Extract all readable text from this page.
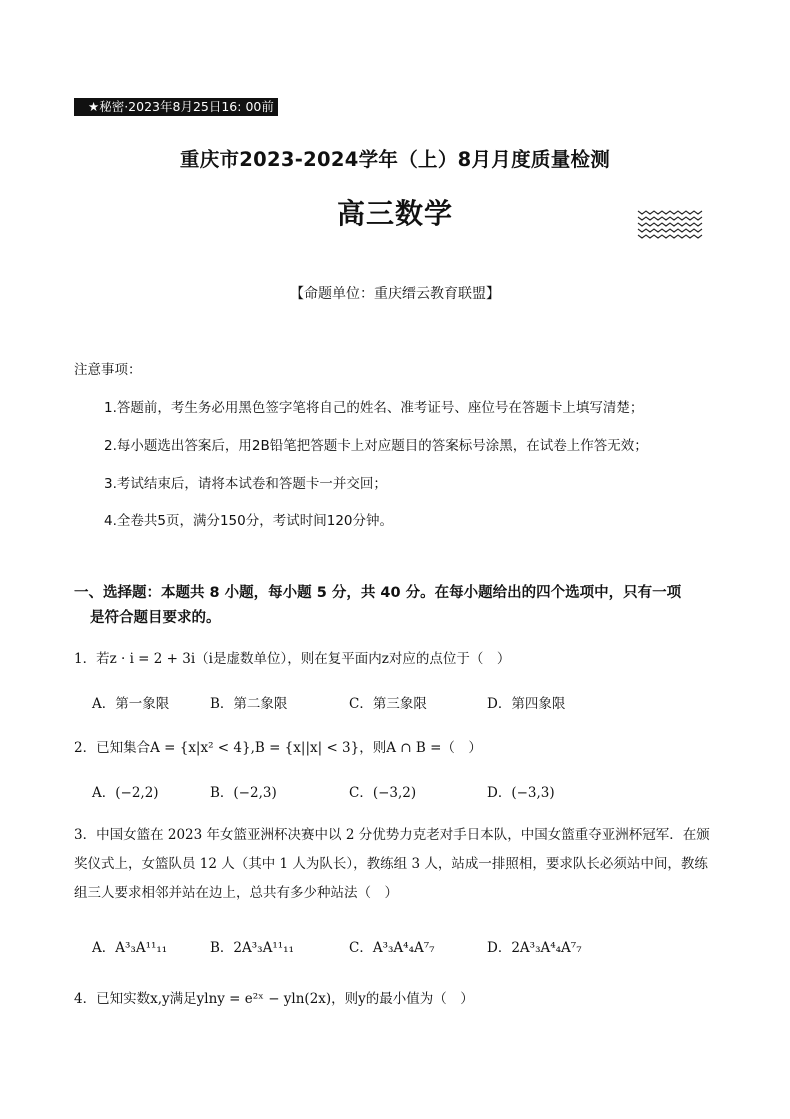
★秘密·2023年8月25日16: 00前
重庆市2023-2024学年（上）8月月度质量检测
高三数学
【命题单位：重庆缙云教育联盟】
注意事项：
1.答题前，考生务必用黑色签字笔将自己的姓名、准考证号、座位号在答题卡上填写清楚；
2.每小题选出答案后，用2B铅笔把答题卡上对应题目的答案标号涂黑，在试卷上作答无效；
3.考试结束后，请将本试卷和答题卡一并交回；
4.全卷共5页，满分150分，考试时间120分钟。
一、选择题：本题共 8 小题，每小题 5 分，共 40 分。在每小题给出的四个选项中，只有一项
是符合题目要求的。
1．若z · i = 2 + 3i（i是虚数单位），则在复平面内z对应的点位于（　）
A．第一象限	B．第二象限	C．第三象限	D．第四象限
2．已知集合A = {x|x² < 4},B = {x||x| < 3}，则A ∩ B =（　）
A．(−2,2)	B．(−2,3)	C．(−3,2)	D．(−3,3)
3．中国女篮在 2023 年女篮亚洲杯决赛中以 2 分优势力克老对手日本队，中国女篮重夺亚洲杯冠军．在颁奖仪式上，女篮队员 12 人（其中 1 人为队长），教练组 3 人，站成一排照相，要求队长必须站中间，教练组三人要求相邻并站在边上，总共有多少种站法（　）
A．A³₃A¹¹₁₁	B．2A³₃A¹¹₁₁	C．A³₃A⁴₄A⁷₇	D．2A³₃A⁴₄A⁷₇
4．已知实数x,y满足ylny = e²ˣ − yln(2x)，则y的最小值为（　）
